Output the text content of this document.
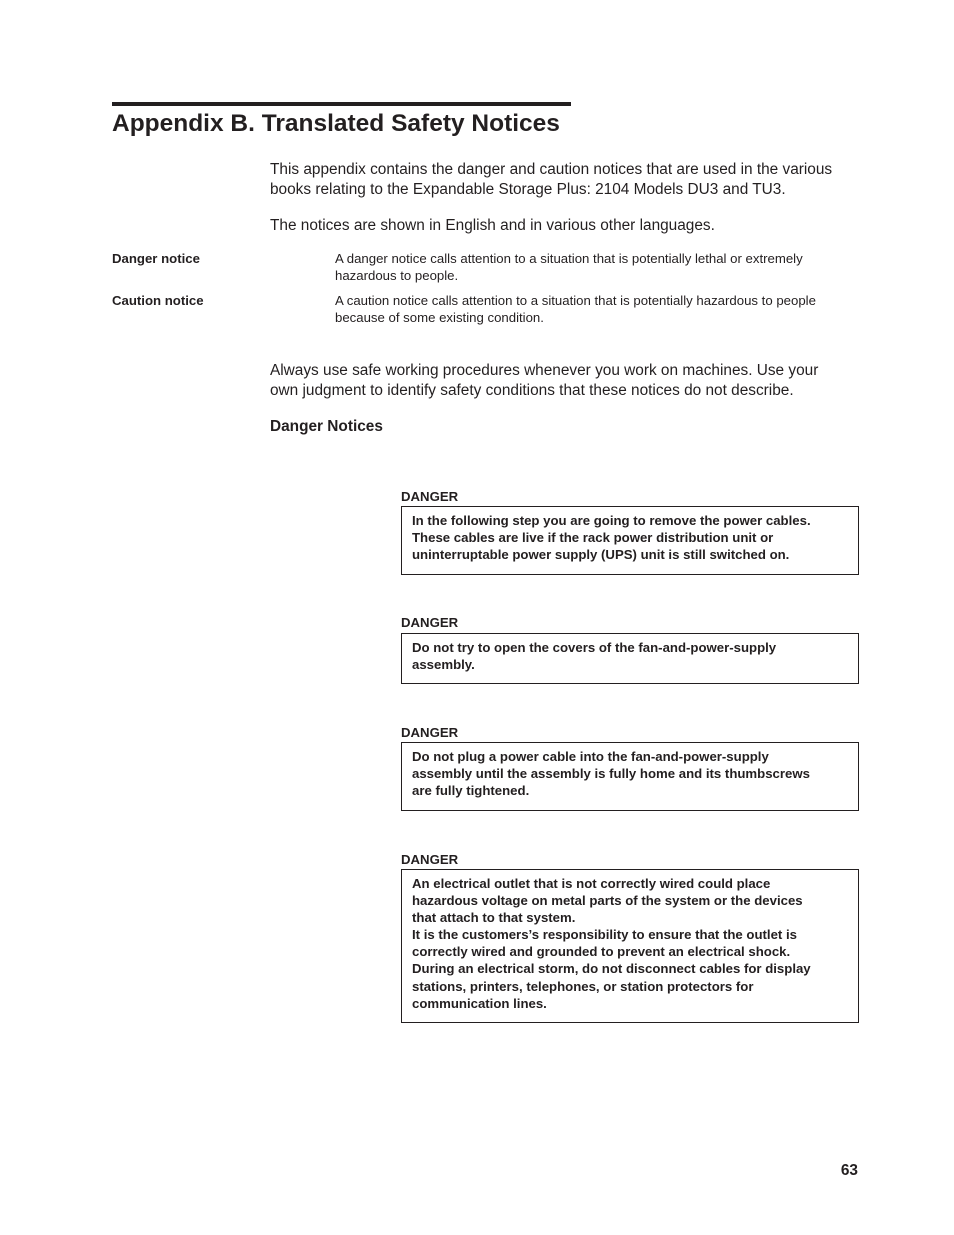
Appendix B. Translated Safety Notices

This appendix contains the danger and caution notices that are used in the various
books relating to the Expandable Storage Plus: 2104 Models DU3 and TU3.

The notices are shown in English and in various other languages.

Danger notice	A danger notice calls attention to a situation that is potentially lethal or extremely
hazardous to people.

Caution notice	A caution notice calls attention to a situation that is potentially hazardous to people
because of some existing condition.

Always use safe working procedures whenever you work on machines. Use your
own judgment to identify safety conditions that these notices do not describe.

Danger Notices

DANGER

In the following step you are going to remove the power cables.
These cables are live if the rack power distribution unit or
uninterruptable power supply (UPS) unit is still switched on.

DANGER

Do not try to open the covers of the fan-and-power-supply
assembly.

DANGER

Do not plug a power cable into the fan-and-power-supply
assembly until the assembly is fully home and its thumbscrews
are fully tightened.

DANGER

An electrical outlet that is not correctly wired could place
hazardous voltage on metal parts of the system or the devices
that attach to that system.
It is the customers’s responsibility to ensure that the outlet is
correctly wired and grounded to prevent an electrical shock.
During an electrical storm, do not disconnect cables for display
stations, printers, telephones, or station protectors for
communication lines.

63
